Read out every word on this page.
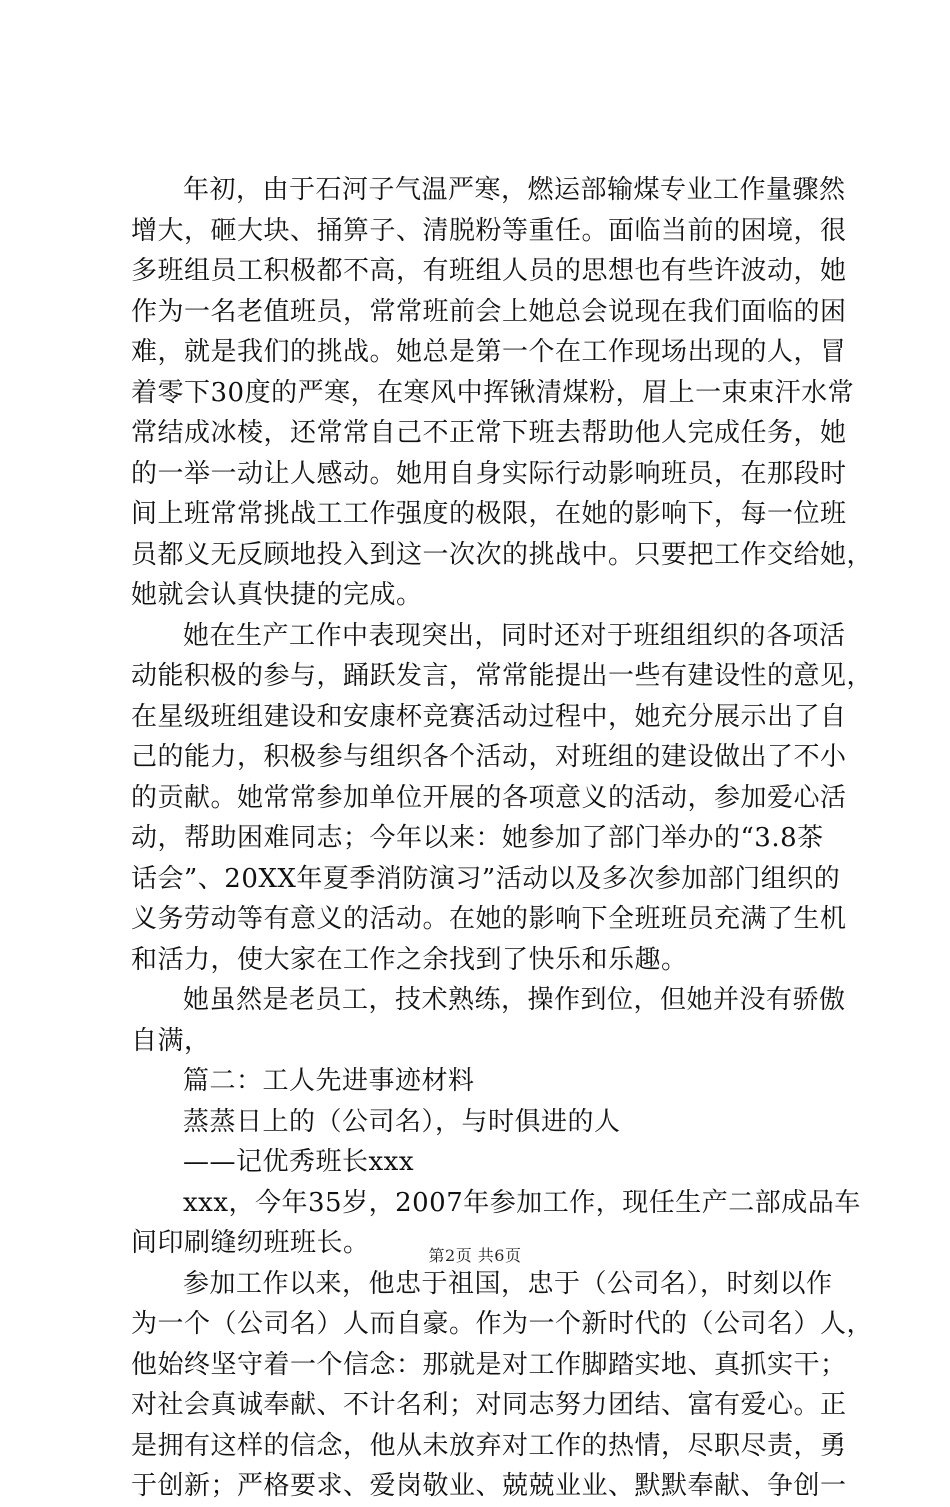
年初，由于石河子气温严寒，燃运部输煤专业工作量骤然
增大，砸大块、捅箅子、清脱粉等重任。面临当前的困境，很
多班组员工积极都不高，有班组人员的思想也有些许波动，她
作为一名老值班员，常常班前会上她总会说现在我们面临的困
难，就是我们的挑战。她总是第一个在工作现场出现的人，冒
着零下30度的严寒，在寒风中挥锹清煤粉，眉上一束束汗水常
常结成冰棱，还常常自己不正常下班去帮助他人完成任务，她
的一举一动让人感动。她用自身实际行动影响班员，在那段时
间上班常常挑战工工作强度的极限，在她的影响下，每一位班
员都义无反顾地投入到这一次次的挑战中。只要把工作交给她，
她就会认真快捷的完成。
她在生产工作中表现突出，同时还对于班组组织的各项活
动能积极的参与，踊跃发言，常常能提出一些有建设性的意见，
在星级班组建设和安康杯竞赛活动过程中，她充分展示出了自
己的能力，积极参与组织各个活动，对班组的建设做出了不小
的贡献。她常常参加单位开展的各项意义的活动，参加爱心活
动，帮助困难同志；今年以来：她参加了部门举办的“3.8茶
话会”、20XX年夏季消防演习”活动以及多次参加部门组织的
义务劳动等有意义的活动。在她的影响下全班班员充满了生机
和活力，使大家在工作之余找到了快乐和乐趣。
她虽然是老员工，技术熟练，操作到位，但她并没有骄傲
自满，
篇二：工人先进事迹材料
蒸蒸日上的（公司名），与时俱进的人
——记优秀班长xxx
xxx，今年35岁，2007年参加工作，现任生产二部成品车
间印刷缝纫班班长。
参加工作以来，他忠于祖国，忠于（公司名），时刻以作
为一个（公司名）人而自豪。作为一个新时代的（公司名）人，
他始终坚守着一个信念：那就是对工作脚踏实地、真抓实干；
对社会真诚奉献、不计名利；对同志努力团结、富有爱心。正
是拥有这样的信念，他从未放弃对工作的热情，尽职尽责，勇
于创新；严格要求、爱岗敬业、兢兢业业、默默奉献、争创一
第2页 共6页
